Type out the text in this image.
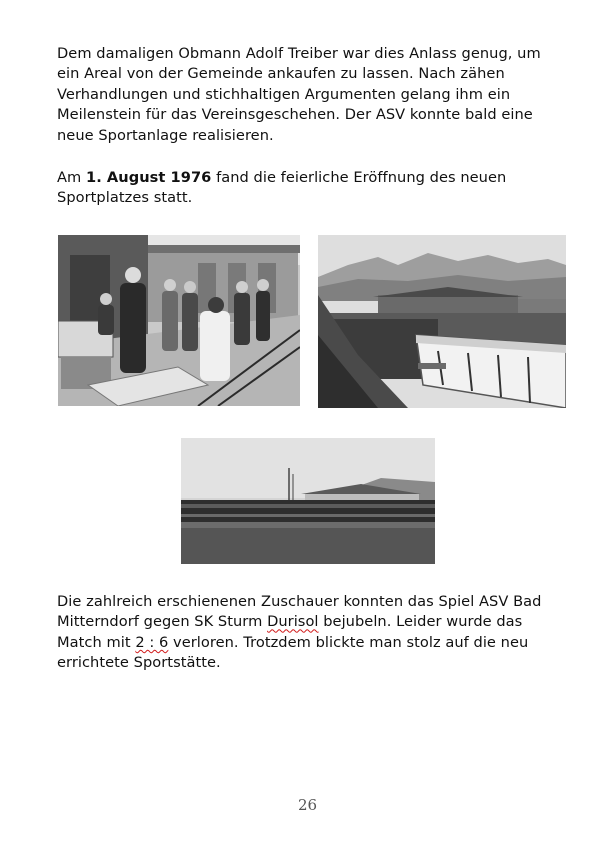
Dem damaligen Obmann Adolf Treiber war dies Anlass genug, um ein Areal von der Gemeinde ankaufen zu lassen. Nach zähen Verhandlungen und stichhaltigen Argumenten gelang ihm ein Meilenstein für das Vereinsgeschehen. Der ASV konnte bald eine neue Sportanlage realisieren.

Am 1. August 1976 fand die feierliche Eröffnung des neuen Sportplatzes statt.

Die zahlreich erschienenen Zuschauer konnten das Spiel ASV Bad Mitterndorf gegen SK Sturm Durisol bejubeln. Leider wurde das Match mit 2 : 6 verloren. Trotzdem blickte man stolz auf die neu errichtete Sportstätte.

26
